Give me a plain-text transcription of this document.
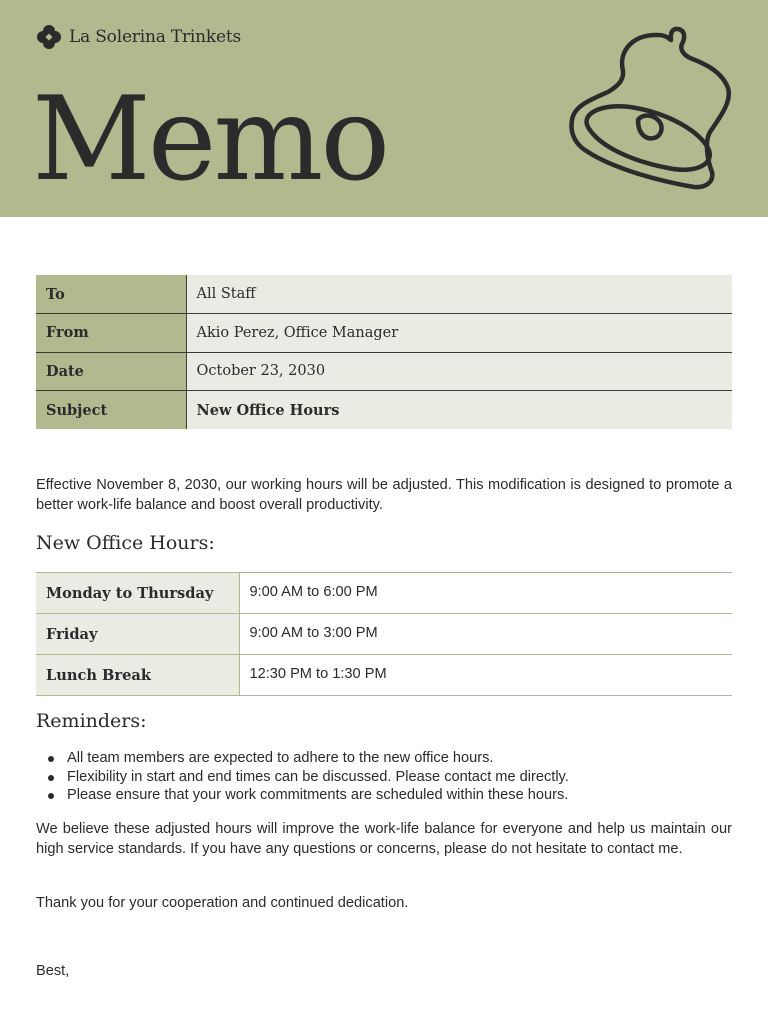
La Solerina Trinkets
Memo
To	All Staff
From	Akio Perez, Office Manager
Date	October 23, 2030
Subject	New Office Hours

Effective November 8, 2030, our working hours will be adjusted. This modification is designed to promote a better work-life balance and boost overall productivity.

New Office Hours:
Monday to Thursday	9:00 AM to 6:00 PM
Friday	9:00 AM to 3:00 PM
Lunch Break	12:30 PM to 1:30 PM
Reminders:
All team members are expected to adhere to the new office hours.
Flexibility in start and end times can be discussed. Please contact me directly.
Please ensure that your work commitments are scheduled within these hours.

We believe these adjusted hours will improve the work-life balance for everyone and help us maintain our high service standards. If you have any questions or concerns, please do not hesitate to contact me.

Thank you for your cooperation and continued dedication.

Best,
